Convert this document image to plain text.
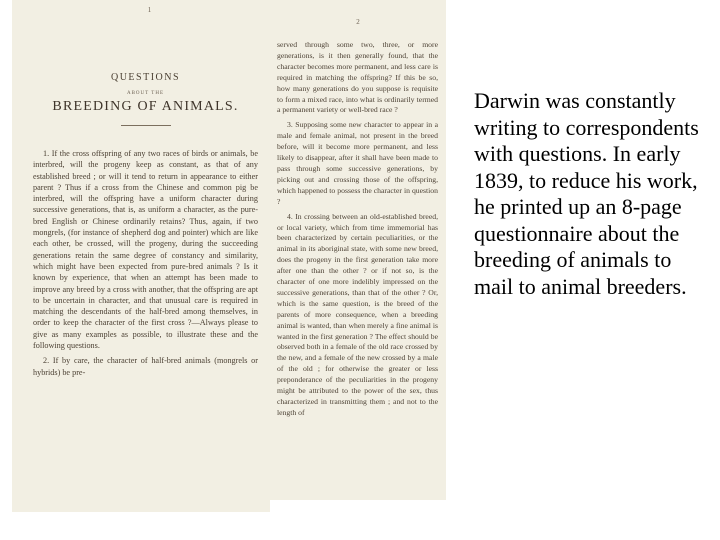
1

QUESTIONS

ABOUT THE

BREEDING OF ANIMALS.

1. If the cross offspring of any two races of birds or animals, be interbred, will the progeny keep as constant, as that of any established breed ; or will it tend to return in appearance to either parent ? Thus if a cross from the Chinese and common pig be interbred, will the offspring have a uniform character during successive generations, that is, as uniform a character, as the pure-bred English or Chinese ordinarily retains? Thus, again, if two mongrels, (for instance of shepherd dog and pointer) which are like each other, be crossed, will the progeny, during the succeeding generations retain the same degree of constancy and similarity, which might have been expected from pure-bred animals ? Is it known by experience, that when an attempt has been made to improve any breed by a cross with another, that the offspring are apt to be uncertain in character, and that unusual care is required in matching the descendants of the half-bred among themselves, in order to keep the character of the first cross ?—Always please to give as many examples as possible, to illustrate these and the following questions.

2. If by care, the character of half-bred animals (mongrels or hybrids) be pre-

2

served through some two, three, or more generations, is it then generally found, that the character becomes more permanent, and less care is required in matching the offspring? If this be so, how many generations do you suppose is requisite to form a mixed race, into what is ordinarily termed a permanent variety or well-bred race ?

3. Supposing some new character to appear in a male and female animal, not present in the breed before, will it become more permanent, and less likely to disappear, after it shall have been made to pass through some successive generations, by picking out and crossing those of the offspring, which happened to possess the character in question ?

4. In crossing between an old-established breed, or local variety, which from time immemorial has been characterized by certain peculiarities, or the animal in its aboriginal state, with some new breed, does the progeny in the first generation take more after one than the other ? or if not so, is the character of one more indelibly impressed on the successive generations, than that of the other ? Or, which is the same question, is the breed of the parents of more consequence, when a breeding animal is wanted, than when merely a fine animal is wanted in the first generation ? The effect should be observed both in a female of the old race crossed by the new, and a female of the new crossed by a male of the old ; for otherwise the greater or less preponderance of the peculiarities in the progeny might be attributed to the power of the sex, thus characterized in transmitting them ; and not to the length of

Darwin was constantly writing to correspondents with questions. In early 1839, to reduce his work, he printed up an 8-page questionnaire about the breeding of animals to mail to animal breeders.
